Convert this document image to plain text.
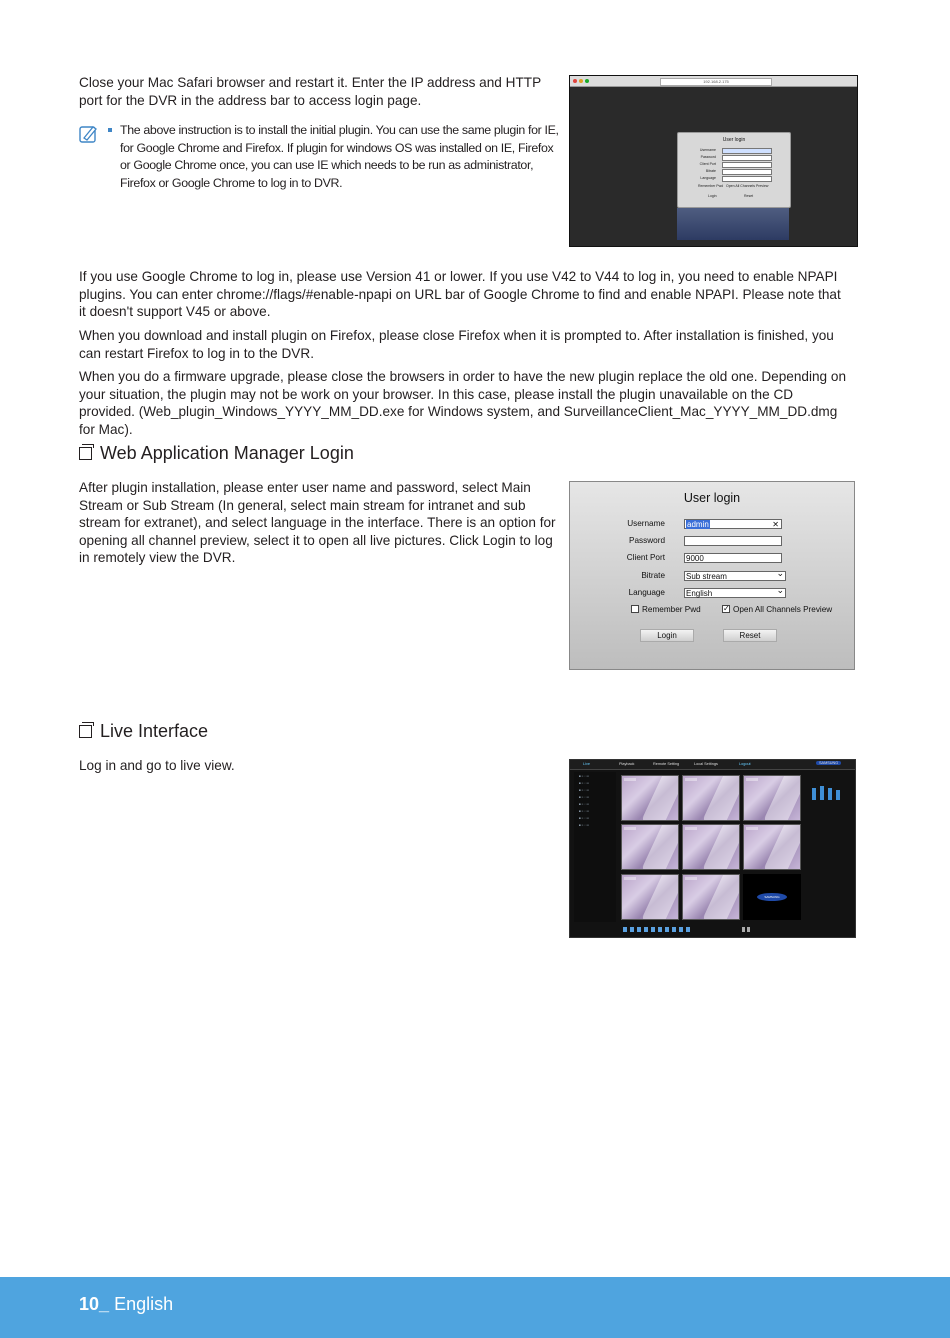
Close your Mac Safari browser and restart it. Enter the IP address and HTTP port for the DVR in the address bar to access login page.

The above instruction is to install the initial plugin. You can use the same plugin for IE, for Google Chrome and Firefox. If plugin for windows OS was installed on IE, Firefox or Google Chrome once, you can use IE which needs to be run as administrator, Firefox or Google Chrome to log in to DVR.

192.168.2.175
User login
Username
Password
Client Port
Bitrate
Language
Remember Pwd Open All Channels Preview
Login	Reset

If you use Google Chrome to log in, please use Version 41 or lower. If you use V42 to V44 to log in, you need to enable NPAPI plugins. You can enter chrome://flags/#enable-npapi on URL bar of Google Chrome to find and enable NPAPI. Please note that it doesn't support V45 or above.

When you download and install plugin on Firefox, please close Firefox when it is prompted to. After installation is finished, you can restart Firefox to log in to the DVR.

When you do a firmware upgrade, please close the browsers in order to have the new plugin replace the old one. Depending on your situation, the plugin may not be work on your browser. In this case, please install the plugin unavailable on the CD provided. (Web_plugin_Windows_YYYY_MM_DD.exe for Windows system, and SurveillanceClient_Mac_YYYY_MM_DD.dmg for Mac).

Web Application Manager Login

After plugin installation, please enter user name and password, select Main Stream or Sub Stream (In general, select main stream for intranet and sub stream for extranet), and select language in the interface. There is an option for opening all channel preview, select it to open all live pictures. Click Login to log in remotely view the DVR.

User login
Username	admin	✕
Password
Client Port	9000
Bitrate	Sub stream ⌄
Language	English ⌄
Remember Pwd	✓ Open All Channels Preview
Login	Reset
Live Interface

Log in and go to live view.	Live	Playback	Remote Setting	Local Settings	Logout	SAMSUNG
■ ▪ ◦◦ ▪▪
■ ▪ ◦◦ ▪▪
■ ▪ ◦◦ ▪▪
■ ▪ ◦◦ ▪▪
■ ▪ ◦◦ ▪▪
■ ▪ ◦◦ ▪▪
■ ▪ ◦◦ ▪▪
■ ▪ ◦◦ ▪▪
SAMSUNG
10_ English
